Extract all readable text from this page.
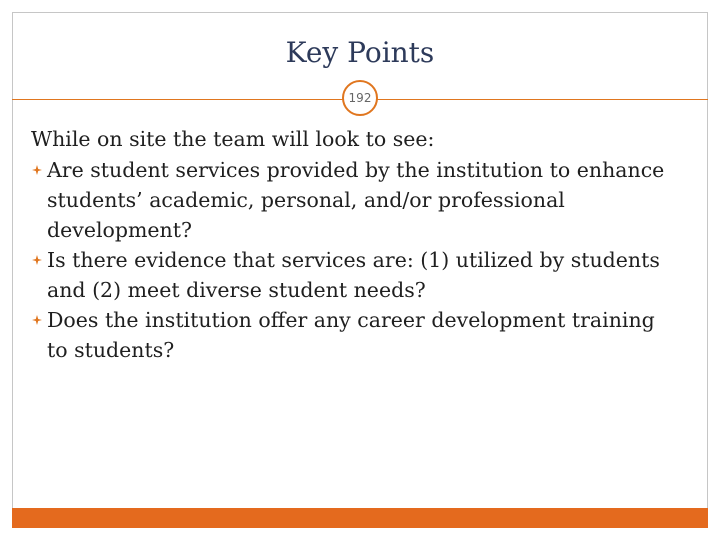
Key Points
192

While on site the team will look to see:

Are student services provided by the institution to enhance students’ academic, personal, and/or professional development?

Is there evidence that services are: (1) utilized by students and (2) meet diverse student needs?

Does the institution offer any career development training to students?
